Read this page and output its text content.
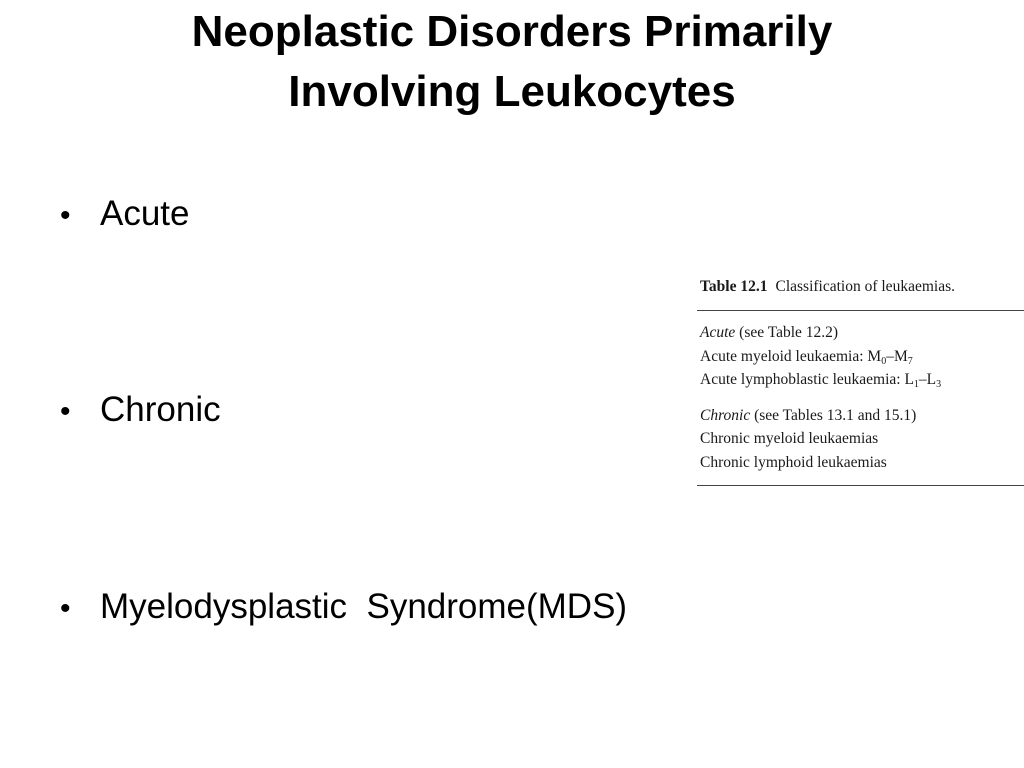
Neoplastic Disorders Primarily
Involving Leukocytes
• Acute
• Chronic
• Myelodysplastic  Syndrome(MDS)
Table 12.1 Classification of leukaemias.
Acute (see Table 12.2)
Acute myeloid leukaemia: $M_0-M_7$
Acute lymphoblastic leukaemia: $L_1-L_3$
Chronic (see Tables 13.1 and 15.1)
Chronic myeloid leukaemias
Chronic lymphoid leukaemias
